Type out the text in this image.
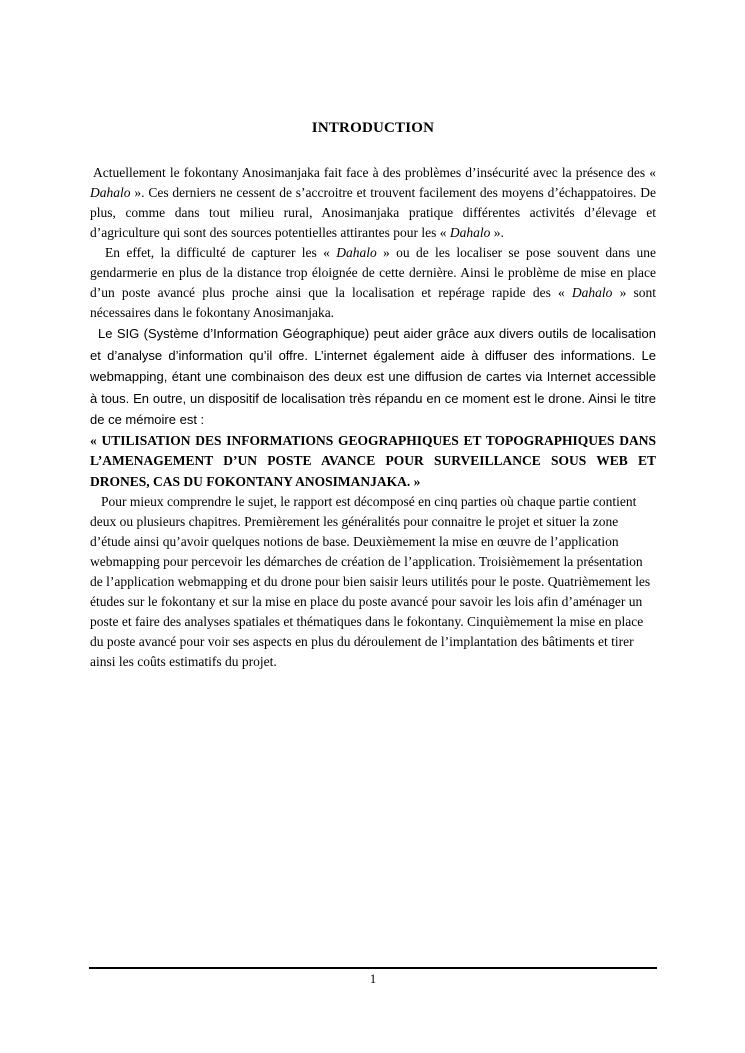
INTRODUCTION

Actuellement le fokontany Anosimanjaka fait face à des problèmes d’insécurité avec la présence des « Dahalo ». Ces derniers ne cessent de s’accroitre et trouvent facilement des moyens d’échappatoires. De plus, comme dans tout milieu rural, Anosimanjaka pratique différentes activités d’élevage et d’agriculture qui sont des sources potentielles attirantes pour les « Dahalo ».

En effet, la difficulté de capturer les « Dahalo » ou de les localiser se pose souvent dans une gendarmerie en plus de la distance trop éloignée de cette dernière. Ainsi le problème de mise en place d’un poste avancé plus proche ainsi que la localisation et repérage rapide des « Dahalo » sont nécessaires dans le fokontany Anosimanjaka.

Le SIG (Système d’Information Géographique) peut aider grâce aux divers outils de localisation et d’analyse d’information qu’il offre. L’internet également aide à diffuser des informations. Le webmapping, étant une combinaison des deux est une diffusion de cartes via Internet accessible à tous. En outre, un dispositif de localisation très répandu en ce moment est le drone. Ainsi le titre de ce mémoire est :

« UTILISATION DES INFORMATIONS GEOGRAPHIQUES ET TOPOGRAPHIQUES DANS L’AMENAGEMENT D’UN POSTE AVANCE POUR SURVEILLANCE SOUS WEB ET DRONES, CAS DU FOKONTANY ANOSIMANJAKA. »

Pour mieux comprendre le sujet, le rapport est décomposé en cinq parties où chaque partie contient deux ou plusieurs chapitres. Premièrement les généralités pour connaitre le projet et situer la zone d’étude ainsi qu’avoir quelques notions de base. Deuxièmement la mise en œuvre de l’application webmapping pour percevoir les démarches de création de l’application. Troisièmement la présentation de l’application webmapping et du drone pour bien saisir leurs utilités pour le poste. Quatrièmement les études sur le fokontany et sur la mise en place du poste avancé pour savoir les lois afin d’aménager un poste et faire des analyses spatiales et thématiques dans le fokontany. Cinquièmement la mise en place du poste avancé pour voir ses aspects en plus du déroulement de l’implantation des bâtiments et tirer ainsi les coûts estimatifs du projet.

1
